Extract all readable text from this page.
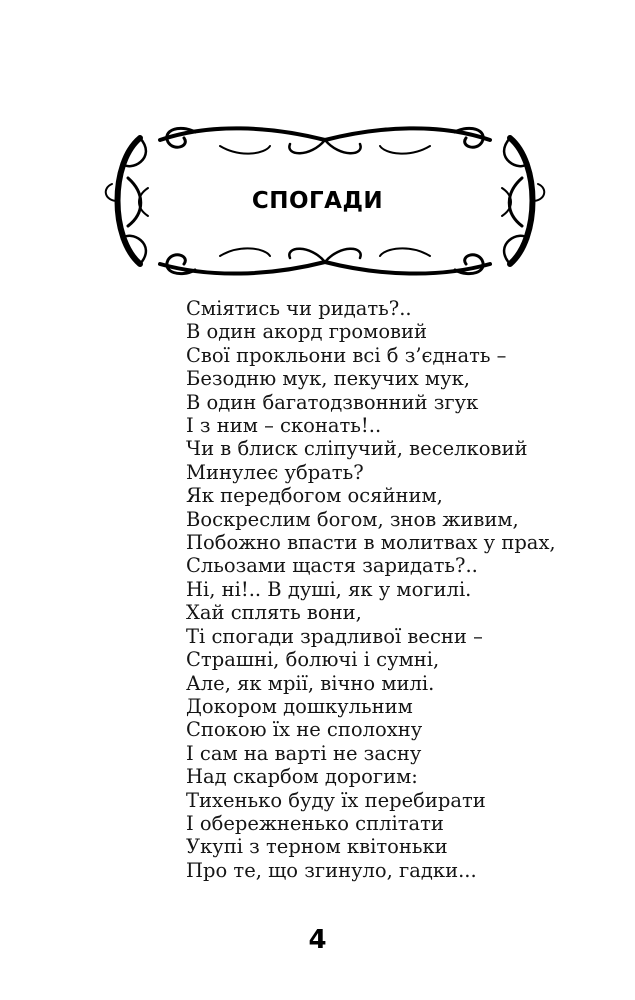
СПОГАДИ
Сміятись чи ридать?..
В один акорд громовий
Свої прокльони всі б з’єднать –
Безодню мук, пекучих мук,
В один багатодзвонний згук
І з ним – сконать!..
Чи в блиск сліпучий, веселковий
Минулеє убрать?
Як передбогом осяйним,
Воскреслим богом, знов живим,
Побожно впасти в молитвах у прах,
Сльозами щастя заридать?..
Ні, ні!.. В душі, як у могилі.
Хай сплять вони,
Ті спогади зрадливої весни –
Страшні, болючі і сумні,
Але, як мрії, вічно милі.
Докором дошкульним
Спокою їх не сполохну
І сам на варті не засну
Над скарбом дорогим:
Тихенько буду їх перебирати
І обережненько сплітати
Укупі з терном квітоньки
Про те, що згинуло, гадки...
4
